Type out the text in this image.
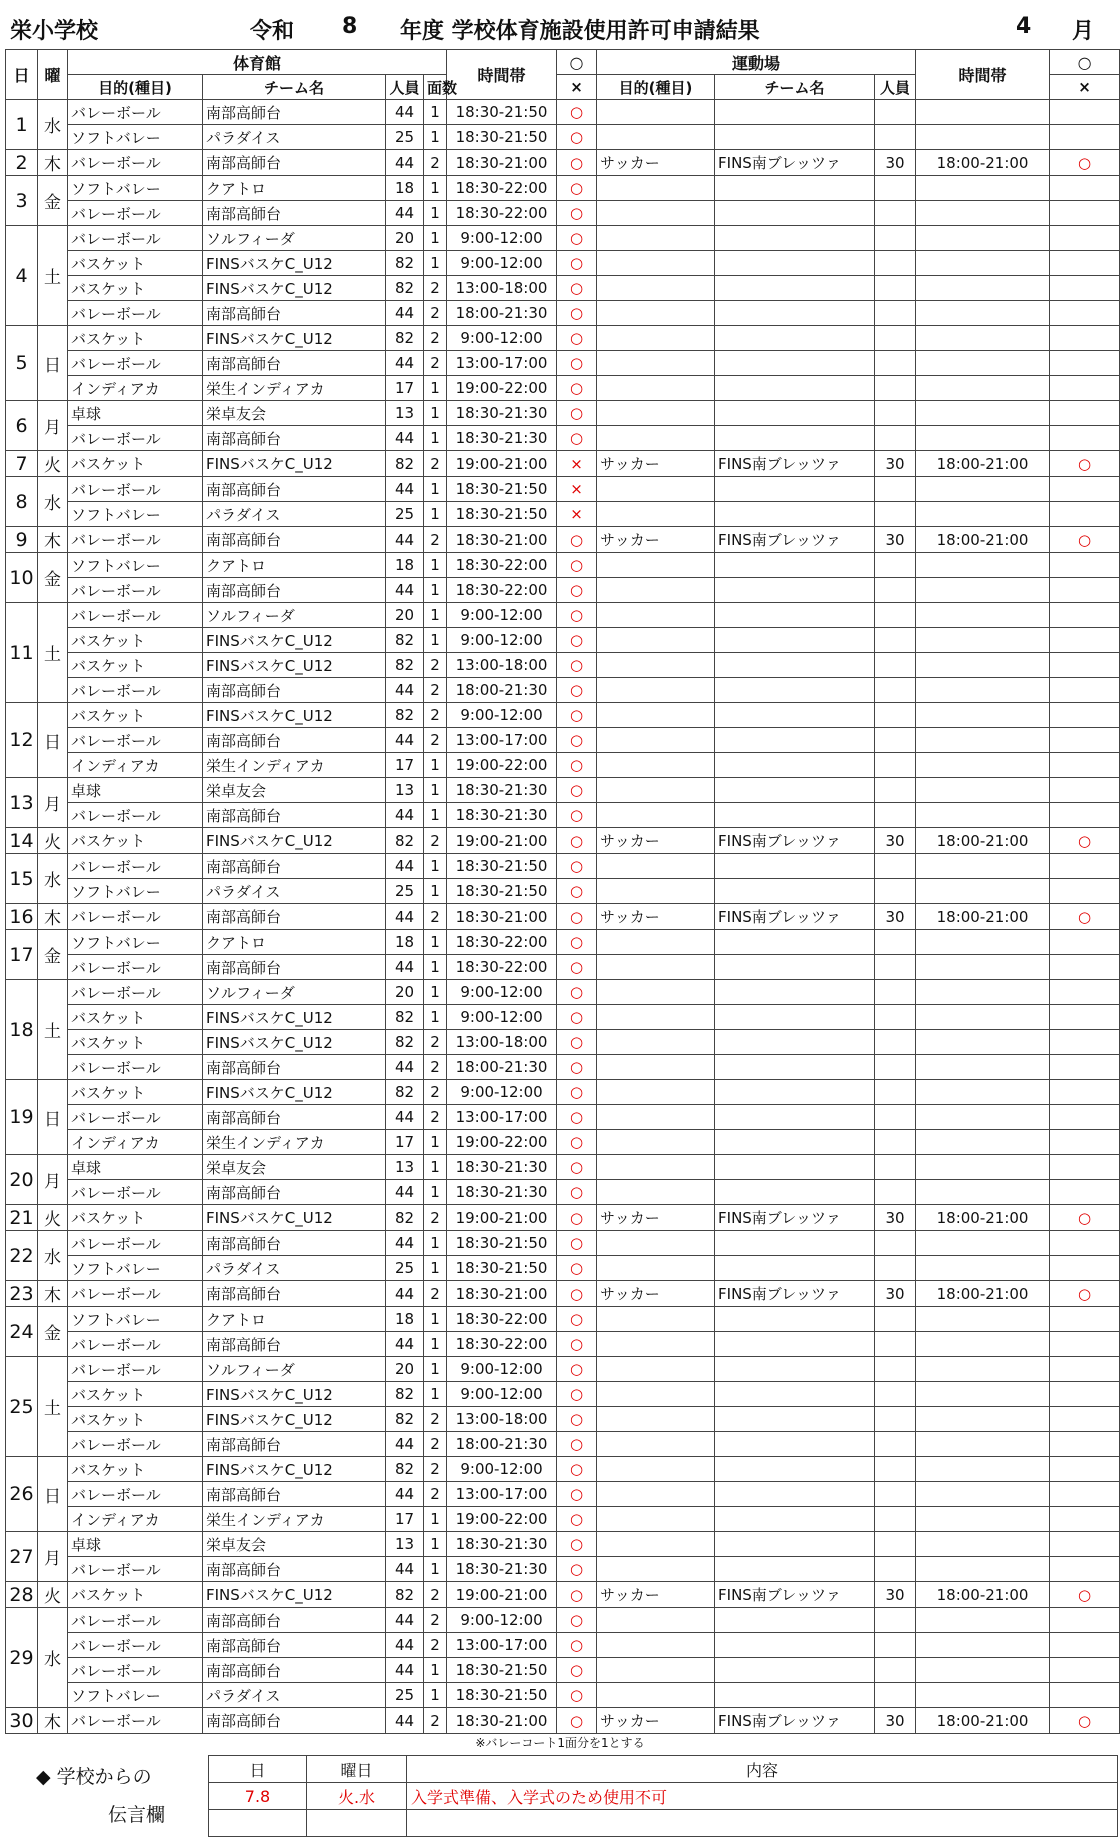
栄小学校	令和 8 年度 学校体育施設使用許可申請結果	4 月
日	曜	体育館				時間帯	○	運動場			時間帯	○
		目的(種目)	チーム名	人員	面数		×	目的(種目)	チーム名	人員		×
1	水	バレーボール	南部高師台	44	1	18:30-21:50	○					
		ソフトバレー	パラダイス	25	1	18:30-21:50	○					
2	木	バレーボール	南部高師台	44	2	18:30-21:00	○	サッカー	FINS南ブレッツァ	30	18:00-21:00	○
3	金	ソフトバレー	クアトロ	18	1	18:30-22:00	○					
		バレーボール	南部高師台	44	1	18:30-22:00	○					
4	土	バレーボール	ソルフィーダ	20	1	9:00-12:00	○					
		バスケット	FINSバスケC_U12	82	1	9:00-12:00	○					
		バスケット	FINSバスケC_U12	82	2	13:00-18:00	○					
		バレーボール	南部高師台	44	2	18:00-21:30	○					
5	日	バスケット	FINSバスケC_U12	82	2	9:00-12:00	○					
		バレーボール	南部高師台	44	2	13:00-17:00	○					
		インディアカ	栄生インディアカ	17	1	19:00-22:00	○					
6	月	卓球	栄卓友会	13	1	18:30-21:30	○					
		バレーボール	南部高師台	44	1	18:30-21:30	○					
7	火	バスケット	FINSバスケC_U12	82	2	19:00-21:00	×	サッカー	FINS南ブレッツァ	30	18:00-21:00	○
8	水	バレーボール	南部高師台	44	1	18:30-21:50	×					
		ソフトバレー	パラダイス	25	1	18:30-21:50	×					
9	木	バレーボール	南部高師台	44	2	18:30-21:00	○	サッカー	FINS南ブレッツァ	30	18:00-21:00	○
10	金	ソフトバレー	クアトロ	18	1	18:30-22:00	○					
		バレーボール	南部高師台	44	1	18:30-22:00	○					
11	土	バレーボール	ソルフィーダ	20	1	9:00-12:00	○					
		バスケット	FINSバスケC_U12	82	1	9:00-12:00	○					
		バスケット	FINSバスケC_U12	82	2	13:00-18:00	○					
		バレーボール	南部高師台	44	2	18:00-21:30	○					
12	日	バスケット	FINSバスケC_U12	82	2	9:00-12:00	○					
		バレーボール	南部高師台	44	2	13:00-17:00	○					
		インディアカ	栄生インディアカ	17	1	19:00-22:00	○					
13	月	卓球	栄卓友会	13	1	18:30-21:30	○					
		バレーボール	南部高師台	44	1	18:30-21:30	○					
14	火	バスケット	FINSバスケC_U12	82	2	19:00-21:00	○	サッカー	FINS南ブレッツァ	30	18:00-21:00	○
15	水	バレーボール	南部高師台	44	1	18:30-21:50	○					
		ソフトバレー	パラダイス	25	1	18:30-21:50	○					
16	木	バレーボール	南部高師台	44	2	18:30-21:00	○	サッカー	FINS南ブレッツァ	30	18:00-21:00	○
17	金	ソフトバレー	クアトロ	18	1	18:30-22:00	○					
		バレーボール	南部高師台	44	1	18:30-22:00	○					
18	土	バレーボール	ソルフィーダ	20	1	9:00-12:00	○					
		バスケット	FINSバスケC_U12	82	1	9:00-12:00	○					
		バスケット	FINSバスケC_U12	82	2	13:00-18:00	○					
		バレーボール	南部高師台	44	2	18:00-21:30	○					
19	日	バスケット	FINSバスケC_U12	82	2	9:00-12:00	○					
		バレーボール	南部高師台	44	2	13:00-17:00	○					
		インディアカ	栄生インディアカ	17	1	19:00-22:00	○					
20	月	卓球	栄卓友会	13	1	18:30-21:30	○					
		バレーボール	南部高師台	44	1	18:30-21:30	○					
21	火	バスケット	FINSバスケC_U12	82	2	19:00-21:00	○	サッカー	FINS南ブレッツァ	30	18:00-21:00	○
22	水	バレーボール	南部高師台	44	1	18:30-21:50	○					
		ソフトバレー	パラダイス	25	1	18:30-21:50	○					
23	木	バレーボール	南部高師台	44	2	18:30-21:00	○	サッカー	FINS南ブレッツァ	30	18:00-21:00	○
24	金	ソフトバレー	クアトロ	18	1	18:30-22:00	○					
		バレーボール	南部高師台	44	1	18:30-22:00	○					
25	土	バレーボール	ソルフィーダ	20	1	9:00-12:00	○					
		バスケット	FINSバスケC_U12	82	1	9:00-12:00	○					
		バスケット	FINSバスケC_U12	82	2	13:00-18:00	○					
		バレーボール	南部高師台	44	2	18:00-21:30	○					
26	日	バスケット	FINSバスケC_U12	82	2	9:00-12:00	○					
		バレーボール	南部高師台	44	2	13:00-17:00	○					
		インディアカ	栄生インディアカ	17	1	19:00-22:00	○					
27	月	卓球	栄卓友会	13	1	18:30-21:30	○					
		バレーボール	南部高師台	44	1	18:30-21:30	○					
28	火	バスケット	FINSバスケC_U12	82	2	19:00-21:00	○	サッカー	FINS南ブレッツァ	30	18:00-21:00	○
29	水	バレーボール	南部高師台	44	2	9:00-12:00	○					
		バレーボール	南部高師台	44	2	13:00-17:00	○					
		バレーボール	南部高師台	44	1	18:30-21:50	○					
		ソフトバレー	パラダイス	25	1	18:30-21:50	○					
30	木	バレーボール	南部高師台	44	2	18:30-21:00	○	サッカー	FINS南ブレッツァ	30	18:00-21:00	○
※バレーコート1面分を1とする
◆ 学校からの
伝言欄
日	曜日	内容
7.8	火.水	入学式準備、入学式のため使用不可
